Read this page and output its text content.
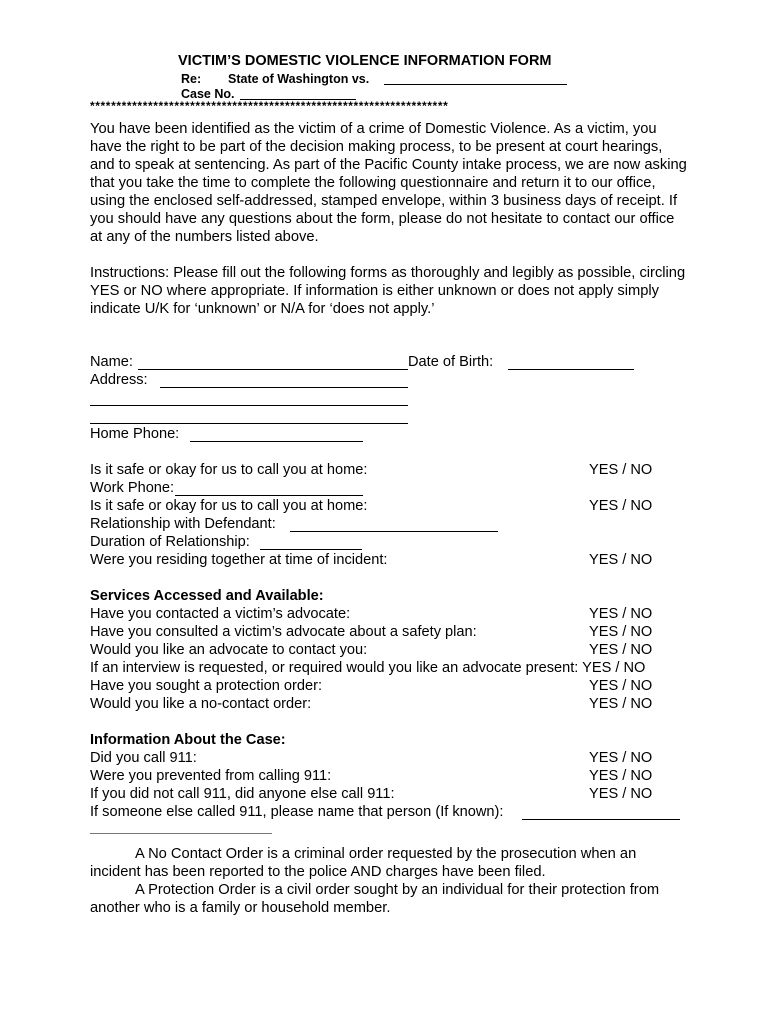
VICTIM’S DOMESTIC VIOLENCE INFORMATION FORM
Re: State of Washington vs.
Case No.
********************************************************************
You have been identified as the victim of a crime of Domestic Violence. As a victim, you have the right to be part of the decision making process, to be present at court hearings, and to speak at sentencing. As part of the Pacific County intake process, we are now asking that you take the time to complete the following questionnaire and return it to our office, using the enclosed self-addressed, stamped envelope, within 3 business days of receipt. If you should have any questions about the form, please do not hesitate to contact our office at any of the numbers listed above.
Instructions: Please fill out the following forms as thoroughly and legibly as possible, circling YES or NO where appropriate. If information is either unknown or does not apply simply indicate U/K for ‘unknown’ or N/A for ‘does not apply.’
Name:	Date of Birth:
Address:
Home Phone:
Is it safe or okay for us to call you at home:	YES / NO
Work Phone:
Is it safe or okay for us to call you at home:	YES / NO
Relationship with Defendant:
Duration of Relationship:
Were you residing together at time of incident:	YES / NO
Services Accessed and Available:
Have you contacted a victim’s advocate:	YES / NO
Have you consulted a victim’s advocate about a safety plan:	YES / NO
Would you like an advocate to contact you:	YES / NO
If an interview is requested, or required would you like an advocate present: YES / NO
Have you sought a protection order:	YES / NO
Would you like a no-contact order:	YES / NO
Information About the Case:
Did you call 911:	YES / NO
Were you prevented from calling 911:	YES / NO
If you did not call 911, did anyone else call 911:	YES / NO
If someone else called 911, please name that person (If known):
A No Contact Order is a criminal order requested by the prosecution when an incident has been reported to the police AND charges have been filed.
A Protection Order is a civil order sought by an individual for their protection from another who is a family or household member.
